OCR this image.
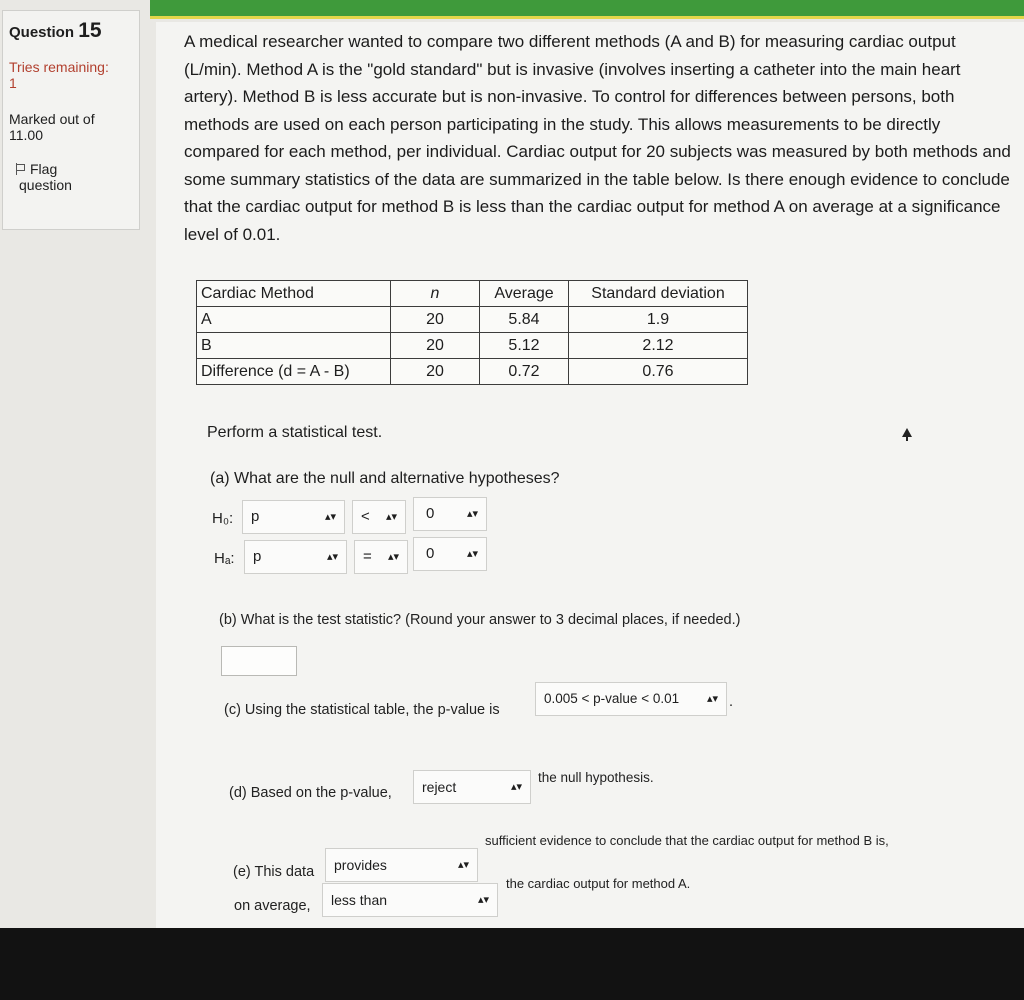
Question 15
Tries remaining:
1
Marked out of
11.00
Flag
question
A medical researcher wanted to compare two different methods (A and B) for measuring cardiac output (L/min). Method A is the "gold standard" but is invasive (involves inserting a catheter into the main heart artery). Method B is less accurate but is non-invasive. To control for differences between persons, both methods are used on each person participating in the study. This allows measurements to be directly compared for each method, per individual. Cardiac output for 20 subjects was measured by both methods and some summary statistics of the data are summarized in the table below. Is there enough evidence to conclude that the cardiac output for method B is less than the cardiac output for method A on average at a significance level of 0.01.
Cardiac Method	n	Average	Standard deviation
A	20	5.84	1.9
B	20	5.12	2.12
Difference (d = A - B)	20	0.72	0.76
Perform a statistical test.
(a) What are the null and alternative hypotheses?
H₀:	p	▴▾	< ▴▾	0	▴▾
Hₐ:	p	▴▾	= ▴▾	0	▴▾
(b) What is the test statistic? (Round your answer to 3 decimal places, if needed.)
(c) Using the statistical table, the p-value is
0.005 < p-value < 0.01	▴▾ .
(d) Based on the p-value,	reject	▴▾
the null hypothesis.
(e) This data	provides	▴▾
sufficient evidence to conclude that the cardiac output for method B is,
on average,	less than	▴▾
the cardiac output for method A.
